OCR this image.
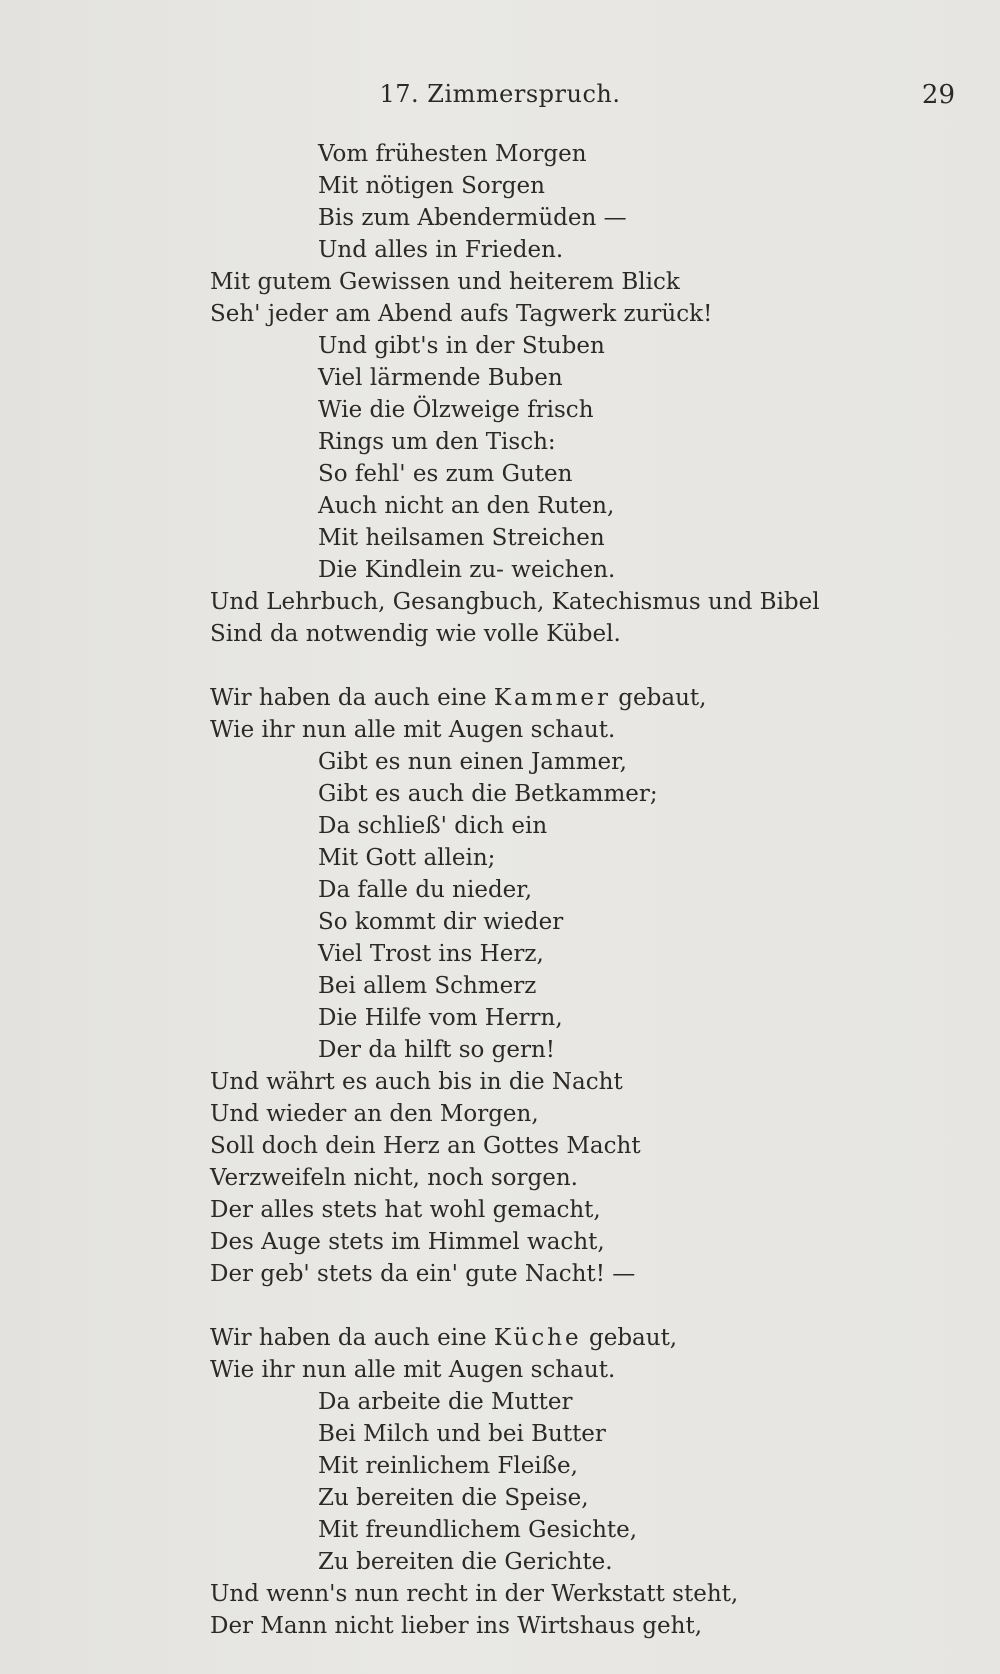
17. Zimmerspruch.	29
Vom frühesten Morgen
Mit nötigen Sorgen
Bis zum Abendermüden —
Und alles in Frieden.
Mit gutem Gewissen und heiterem Blick
Seh' jeder am Abend aufs Tagwerk zurück!
Und gibt's in der Stuben
Viel lärmende Buben
Wie die Ölzweige frisch
Rings um den Tisch:
So fehl' es zum Guten
Auch nicht an den Ruten,
Mit heilsamen Streichen
Die Kindlein zu- weichen.
Und Lehrbuch, Gesangbuch, Katechismus und Bibel
Sind da notwendig wie volle Kübel.
Wir haben da auch eine Kammer gebaut,
Wie ihr nun alle mit Augen schaut.
Gibt es nun einen Jammer,
Gibt es auch die Betkammer;
Da schließ' dich ein
Mit Gott allein;
Da falle du nieder,
So kommt dir wieder
Viel Trost ins Herz,
Bei allem Schmerz
Die Hilfe vom Herrn,
Der da hilft so gern!
Und währt es auch bis in die Nacht
Und wieder an den Morgen,
Soll doch dein Herz an Gottes Macht
Verzweifeln nicht, noch sorgen.
Der alles stets hat wohl gemacht,
Des Auge stets im Himmel wacht,
Der geb' stets da ein' gute Nacht! —
Wir haben da auch eine Küche gebaut,
Wie ihr nun alle mit Augen schaut.
Da arbeite die Mutter
Bei Milch und bei Butter
Mit reinlichem Fleiße,
Zu bereiten die Speise,
Mit freundlichem Gesichte,
Zu bereiten die Gerichte.
Und wenn's nun recht in der Werkstatt steht,
Der Mann nicht lieber ins Wirtshaus geht,
